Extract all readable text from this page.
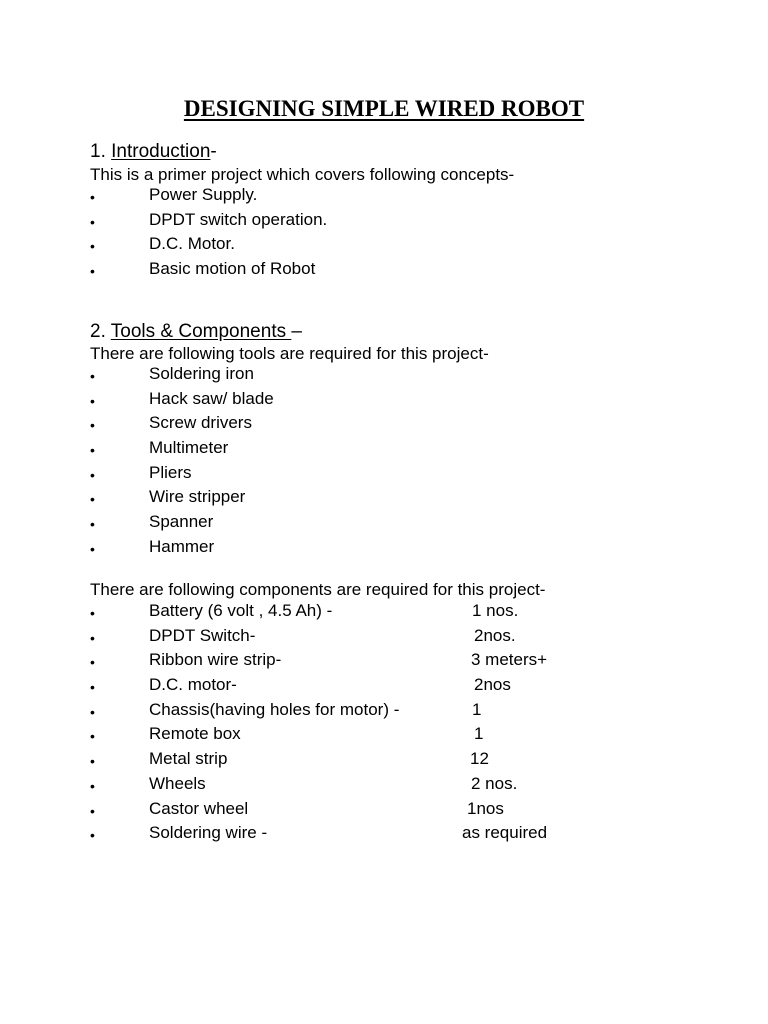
DESIGNING SIMPLE WIRED ROBOT
1. Introduction-

This is a primer project which covers following concepts-

•	Power Supply.
•	DPDT switch operation.
•	D.C. Motor.
•	Basic motion of Robot
2. Tools & Components –

There are following tools are required for this project-

•	Soldering iron
•	Hack saw/ blade
•	Screw drivers
•	Multimeter
•	Pliers
•	Wire stripper
•	Spanner
•	Hammer

There are following components are required for this project-

•	Battery (6 volt , 4.5 Ah) -	1 nos.
•	DPDT Switch-	2nos.
•	Ribbon wire strip-	3 meters+
•	D.C. motor-	2nos
•	Chassis(having holes for motor) -	1
•	Remote box	1
•	Metal strip	12
•	Wheels	2 nos.
•	Castor wheel	1nos
•	Soldering wire -	as required
